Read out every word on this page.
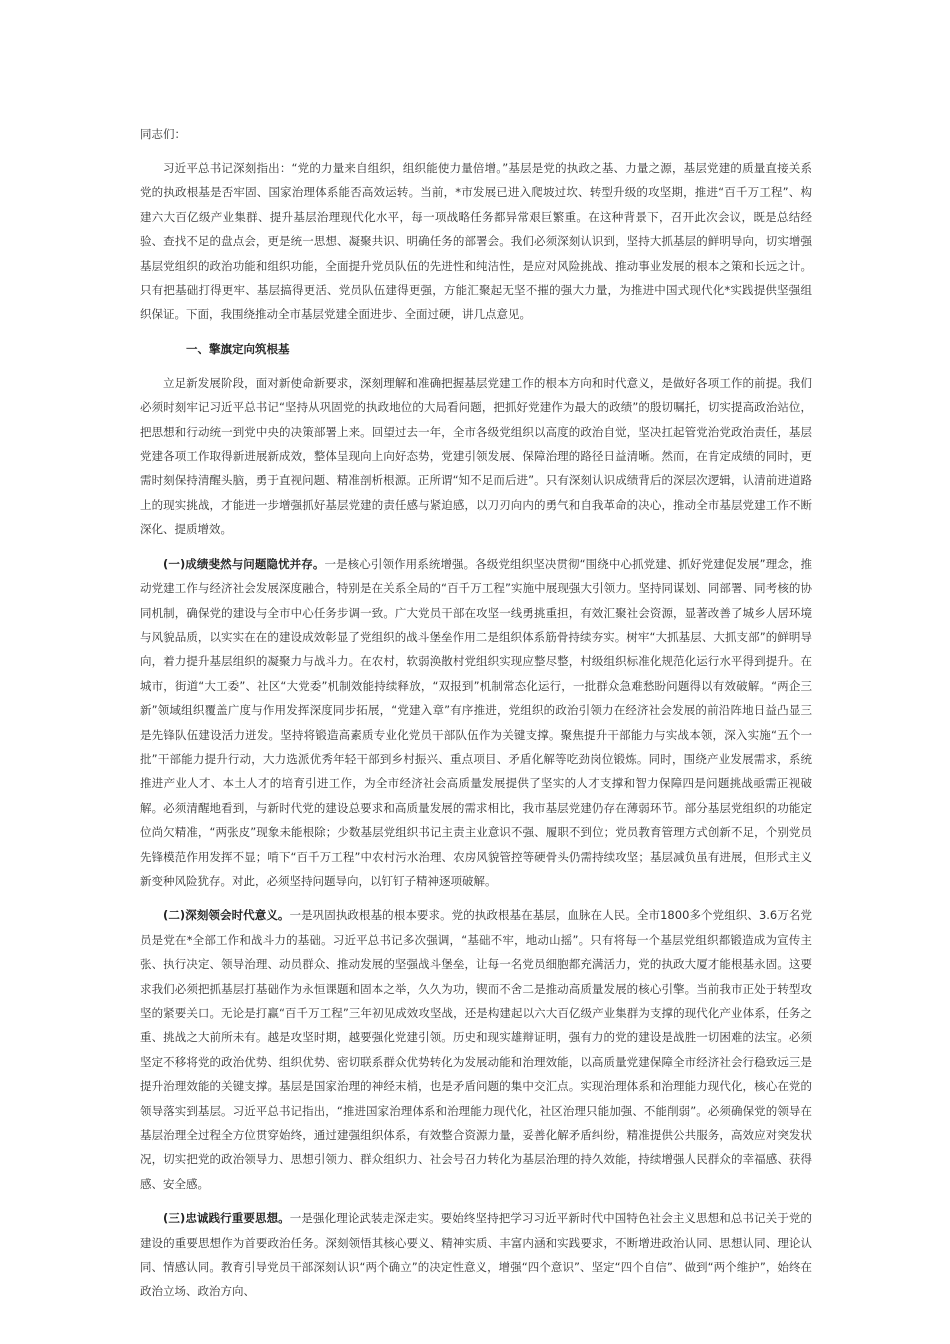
同志们：

习近平总书记深刻指出：“党的力量来自组织，组织能使力量倍增。”基层是党的执政之基、力量之源，基层党建的质量直接关系党的执政根基是否牢固、国家治理体系能否高效运转。当前，*市发展已进入爬坡过坎、转型升级的攻坚期，推进“百千万工程”、构建六大百亿级产业集群、提升基层治理现代化水平，每一项战略任务都异常艰巨繁重。在这种背景下，召开此次会议，既是总结经验、查找不足的盘点会，更是统一思想、凝聚共识、明确任务的部署会。我们必须深刻认识到，坚持大抓基层的鲜明导向，切实增强基层党组织的政治功能和组织功能，全面提升党员队伍的先进性和纯洁性，是应对风险挑战、推动事业发展的根本之策和长远之计。只有把基础打得更牢、基层搞得更活、党员队伍建得更强，方能汇聚起无坚不摧的强大力量，为推进中国式现代化*实践提供坚强组织保证。下面，我围绕推动全市基层党建全面进步、全面过硬，讲几点意见。

一、擎旗定向筑根基

立足新发展阶段，面对新使命新要求，深刻理解和准确把握基层党建工作的根本方向和时代意义，是做好各项工作的前提。我们必须时刻牢记习近平总书记“坚持从巩固党的执政地位的大局看问题，把抓好党建作为最大的政绩”的殷切嘱托，切实提高政治站位，把思想和行动统一到党中央的决策部署上来。回望过去一年，全市各级党组织以高度的政治自觉，坚决扛起管党治党政治责任，基层党建各项工作取得新进展新成效，整体呈现向上向好态势，党建引领发展、保障治理的路径日益清晰。然而，在肯定成绩的同时，更需时刻保持清醒头脑，勇于直视问题、精准剖析根源。正所谓“知不足而后进”。只有深刻认识成绩背后的深层次逻辑，认清前进道路上的现实挑战，才能进一步增强抓好基层党建的责任感与紧迫感，以刀刃向内的勇气和自我革命的决心，推动全市基层党建工作不断深化、提质增效。

(一)成绩斐然与问题隐忧并存。一是核心引领作用系统增强。各级党组织坚决贯彻“围绕中心抓党建、抓好党建促发展”理念，推动党建工作与经济社会发展深度融合，特别是在关系全局的“百千万工程”实施中展现强大引领力。坚持同谋划、同部署、同考核的协同机制，确保党的建设与全市中心任务步调一致。广大党员干部在攻坚一线勇挑重担，有效汇聚社会资源，显著改善了城乡人居环境与风貌品质，以实实在在的建设成效彰显了党组织的战斗堡垒作用二是组织体系筋骨持续夯实。树牢“大抓基层、大抓支部”的鲜明导向，着力提升基层组织的凝聚力与战斗力。在农村，软弱涣散村党组织实现应整尽整，村级组织标准化规范化运行水平得到提升。在城市，街道“大工委”、社区“大党委”机制效能持续释放，“双报到”机制常态化运行，一批群众急难愁盼问题得以有效破解。“两企三新”领域组织覆盖广度与作用发挥深度同步拓展，“党建入章”有序推进，党组织的政治引领力在经济社会发展的前沿阵地日益凸显三是先锋队伍建设活力迸发。坚持将锻造高素质专业化党员干部队伍作为关键支撑。聚焦提升干部能力与实战本领，深入实施“五个一批”干部能力提升行动，大力选派优秀年轻干部到乡村振兴、重点项目、矛盾化解等吃劲岗位锻炼。同时，围绕产业发展需求，系统推进产业人才、本土人才的培育引进工作，为全市经济社会高质量发展提供了坚实的人才支撑和智力保障四是问题挑战亟需正视破解。必须清醒地看到，与新时代党的建设总要求和高质量发展的需求相比，我市基层党建仍存在薄弱环节。部分基层党组织的功能定位尚欠精准，“两张皮”现象未能根除；少数基层党组织书记主责主业意识不强、履职不到位；党员教育管理方式创新不足，个别党员先锋模范作用发挥不显；啃下“百千万工程”中农村污水治理、农房风貌管控等硬骨头仍需持续攻坚；基层减负虽有进展，但形式主义新变种风险犹存。对此，必须坚持问题导向，以钉钉子精神逐项破解。

(二)深刻领会时代意义。一是巩固执政根基的根本要求。党的执政根基在基层，血脉在人民。全市1800多个党组织、3.6万名党员是党在*全部工作和战斗力的基础。习近平总书记多次强调，“基础不牢，地动山摇”。只有将每一个基层党组织都锻造成为宣传主张、执行决定、领导治理、动员群众、推动发展的坚强战斗堡垒，让每一名党员细胞都充满活力，党的执政大厦才能根基永固。这要求我们必须把抓基层打基础作为永恒课题和固本之举，久久为功，锲而不舍二是推动高质量发展的核心引擎。当前我市正处于转型攻坚的紧要关口。无论是打赢“百千万工程”三年初见成效攻坚战，还是构建起以六大百亿级产业集群为支撑的现代化产业体系，任务之重、挑战之大前所未有。越是攻坚时期，越要强化党建引领。历史和现实雄辩证明，强有力的党的建设是战胜一切困难的法宝。必须坚定不移将党的政治优势、组织优势、密切联系群众优势转化为发展动能和治理效能，以高质量党建保障全市经济社会行稳致远三是提升治理效能的关键支撑。基层是国家治理的神经末梢，也是矛盾问题的集中交汇点。实现治理体系和治理能力现代化，核心在党的领导落实到基层。习近平总书记指出，“推进国家治理体系和治理能力现代化，社区治理只能加强、不能削弱”。必须确保党的领导在基层治理全过程全方位贯穿始终，通过建强组织体系，有效整合资源力量，妥善化解矛盾纠纷，精准提供公共服务，高效应对突发状况，切实把党的政治领导力、思想引领力、群众组织力、社会号召力转化为基层治理的持久效能，持续增强人民群众的幸福感、获得感、安全感。

(三)忠诚践行重要思想。一是强化理论武装走深走实。要始终坚持把学习习近平新时代中国特色社会主义思想和总书记关于党的建设的重要思想作为首要政治任务。深刻领悟其核心要义、精神实质、丰富内涵和实践要求，不断增进政治认同、思想认同、理论认同、情感认同。教育引导党员干部深刻认识“两个确立”的决定性意义，增强“四个意识”、坚定“四个自信”、做到“两个维护”，始终在政治立场、政治方向、
